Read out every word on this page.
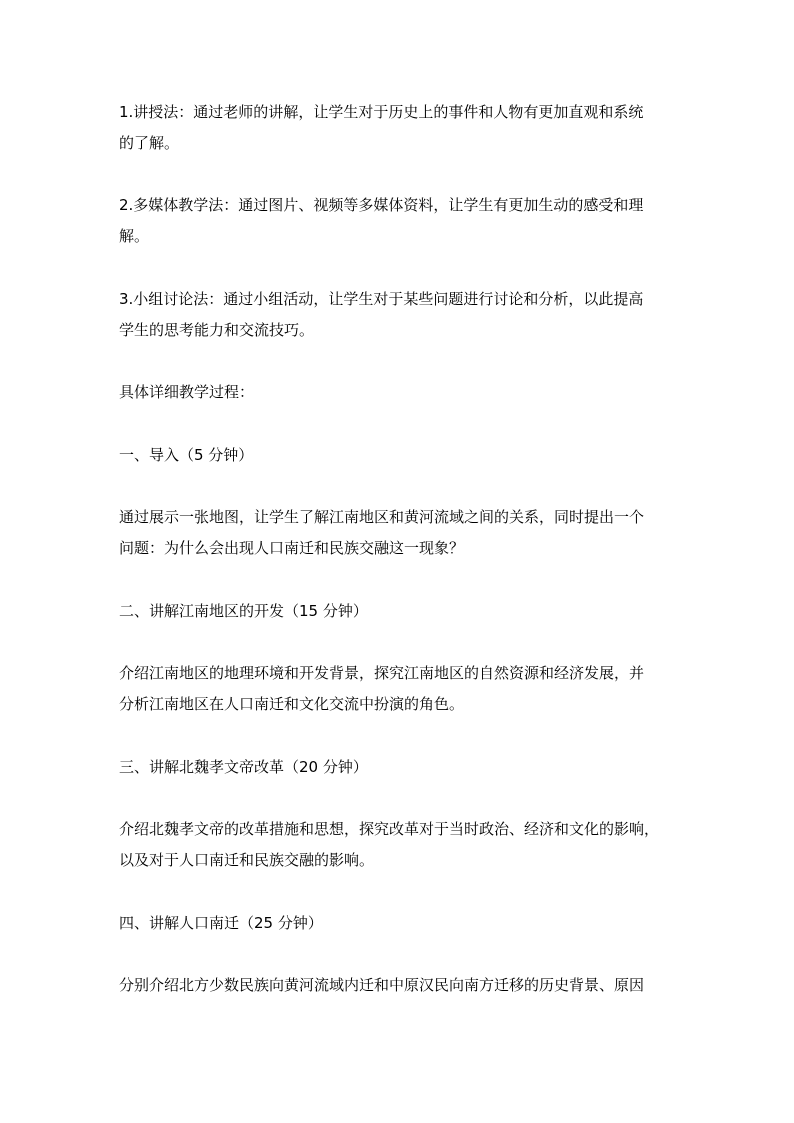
1.讲授法：通过老师的讲解，让学生对于历史上的事件和人物有更加直观和系统
的了解。
2.多媒体教学法：通过图片、视频等多媒体资料，让学生有更加生动的感受和理
解。
3.小组讨论法：通过小组活动，让学生对于某些问题进行讨论和分析，以此提高
学生的思考能力和交流技巧。
具体详细教学过程：
一、导入（5 分钟）
通过展示一张地图，让学生了解江南地区和黄河流域之间的关系，同时提出一个
问题：为什么会出现人口南迁和民族交融这一现象？
二、讲解江南地区的开发（15 分钟）
介绍江南地区的地理环境和开发背景，探究江南地区的自然资源和经济发展，并
分析江南地区在人口南迁和文化交流中扮演的角色。
三、讲解北魏孝文帝改革（20 分钟）
介绍北魏孝文帝的改革措施和思想，探究改革对于当时政治、经济和文化的影响，
以及对于人口南迁和民族交融的影响。
四、讲解人口南迁（25 分钟）
分别介绍北方少数民族向黄河流域内迁和中原汉民向南方迁移的历史背景、原因
